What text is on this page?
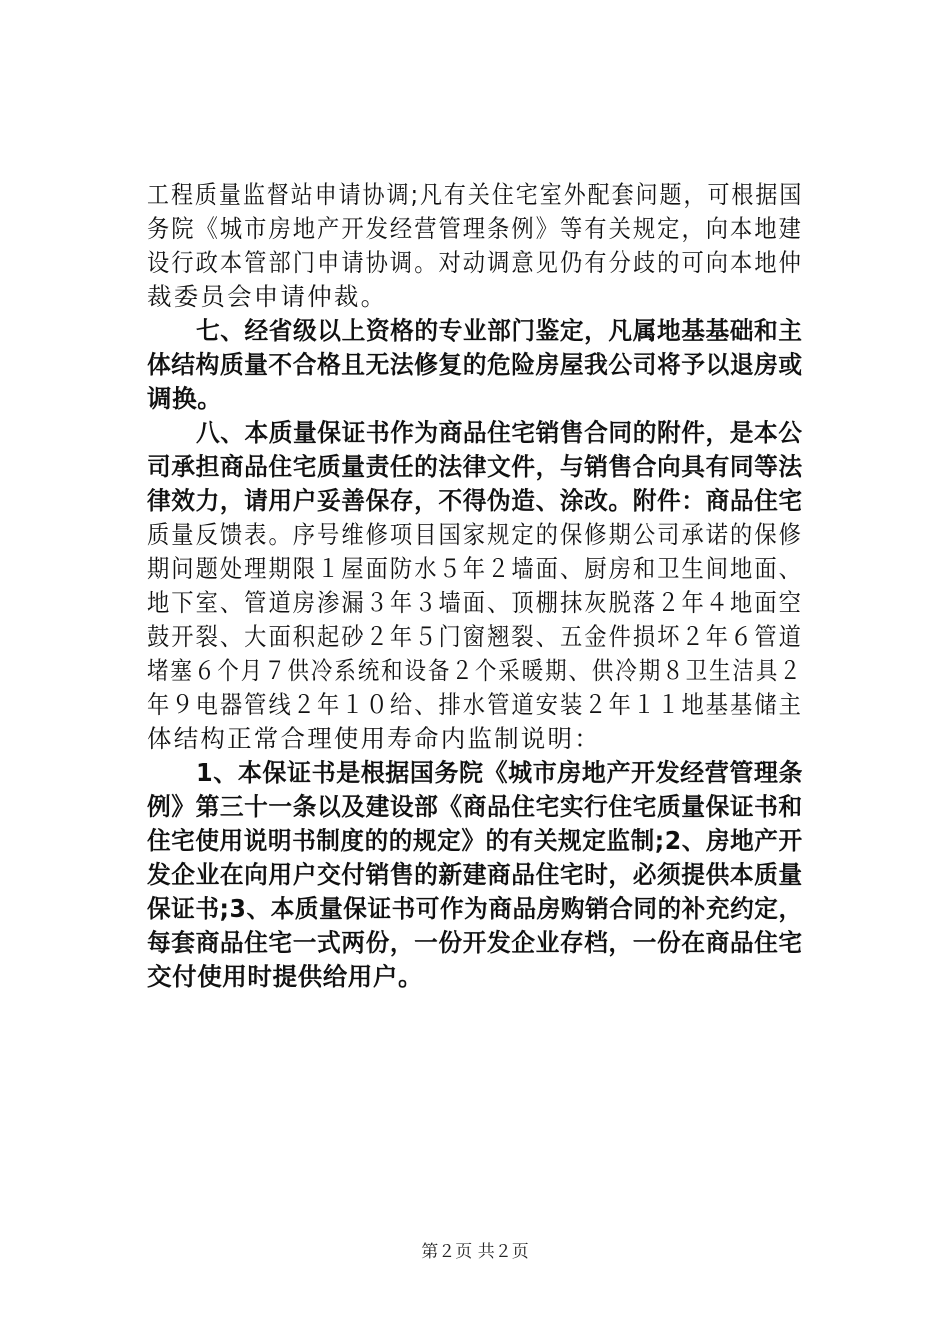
工程质量监督站申请协调;凡有关住宅室外配套问题，可根据国
务院《城市房地产开发经营管理条例》等有关规定，向本地建
设行政本管部门申请协调。对动调意见仍有分歧的可向本地仲
裁委员会申请仲裁。
七、经省级以上资格的专业部门鉴定，凡属地基基础和主
体结构质量不合格且无法修复的危险房屋我公司将予以退房或
调换。
八、本质量保证书作为商品住宅销售合同的附件，是本公
司承担商品住宅质量责任的法律文件，与销售合向具有同等法
律效力，请用户妥善保存，不得伪造、涂改。附件：商品住宅
质量反馈表。序号维修项目国家规定的保修期公司承诺的保修
期问题处理期限１屋面防水５年２墙面、厨房和卫生间地面、
地下室、管道房渗漏３年３墙面、顶棚抹灰脱落２年４地面空
鼓开裂、大面积起砂２年５门窗翘裂、五金件损坏２年６管道
堵塞６个月７供冷系统和设备２个采暖期、供冷期８卫生洁具２
年９电器管线２年１０给、排水管道安装２年１１地基基储主
体结构正常合理使用寿命内监制说明：
1、本保证书是根据国务院《城市房地产开发经营管理条
例》第三十一条以及建设部《商品住宅实行住宅质量保证书和
住宅使用说明书制度的的规定》的有关规定监制;2、房地产开
发企业在向用户交付销售的新建商品住宅时，必须提供本质量
保证书;3、本质量保证书可作为商品房购销合同的补充约定，
每套商品住宅一式两份，一份开发企业存档，一份在商品住宅
交付使用时提供给用户。
第２页 共２页
